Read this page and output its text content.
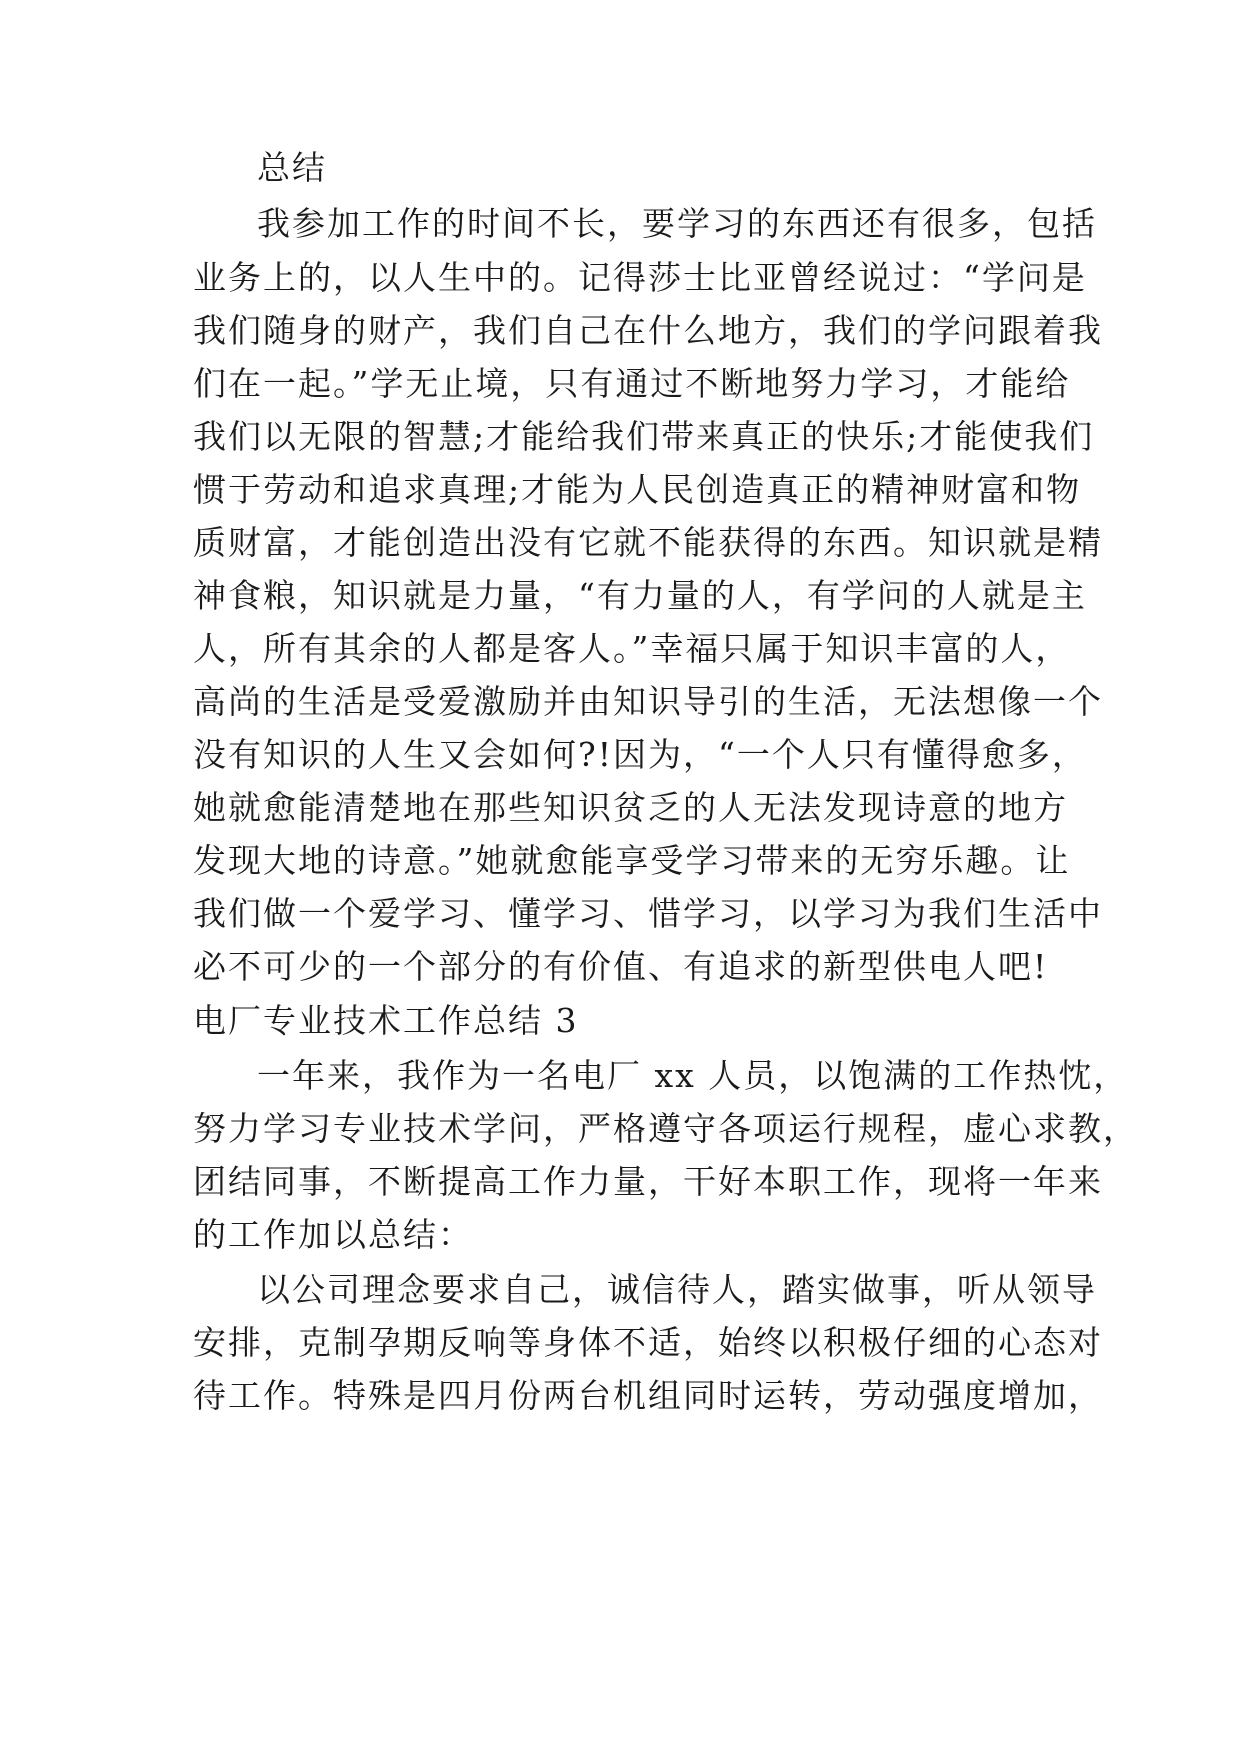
总结
我参加工作的时间不长，要学习的东西还有很多，包括
业务上的，以人生中的。记得莎士比亚曾经说过：“学问是
我们随身的财产，我们自己在什么地方，我们的学问跟着我
们在一起。”学无止境，只有通过不断地努力学习，才能给
我们以无限的智慧;才能给我们带来真正的快乐;才能使我们
惯于劳动和追求真理;才能为人民创造真正的精神财富和物
质财富，才能创造出没有它就不能获得的东西。知识就是精
神食粮，知识就是力量，“有力量的人，有学问的人就是主
人，所有其余的人都是客人。”幸福只属于知识丰富的人，
高尚的生活是受爱激励并由知识导引的生活，无法想像一个
没有知识的人生又会如何?!因为，“一个人只有懂得愈多，
她就愈能清楚地在那些知识贫乏的人无法发现诗意的地方
发现大地的诗意。”她就愈能享受学习带来的无穷乐趣。让
我们做一个爱学习、懂学习、惜学习，以学习为我们生活中
必不可少的一个部分的有价值、有追求的新型供电人吧!
电厂专业技术工作总结 3
一年来，我作为一名电厂 xx 人员，以饱满的工作热忱，
努力学习专业技术学问，严格遵守各项运行规程，虚心求教，
团结同事，不断提高工作力量，干好本职工作，现将一年来
的工作加以总结：
以公司理念要求自己，诚信待人，踏实做事，听从领导
安排，克制孕期反响等身体不适，始终以积极仔细的心态对
待工作。特殊是四月份两台机组同时运转，劳动强度增加，
